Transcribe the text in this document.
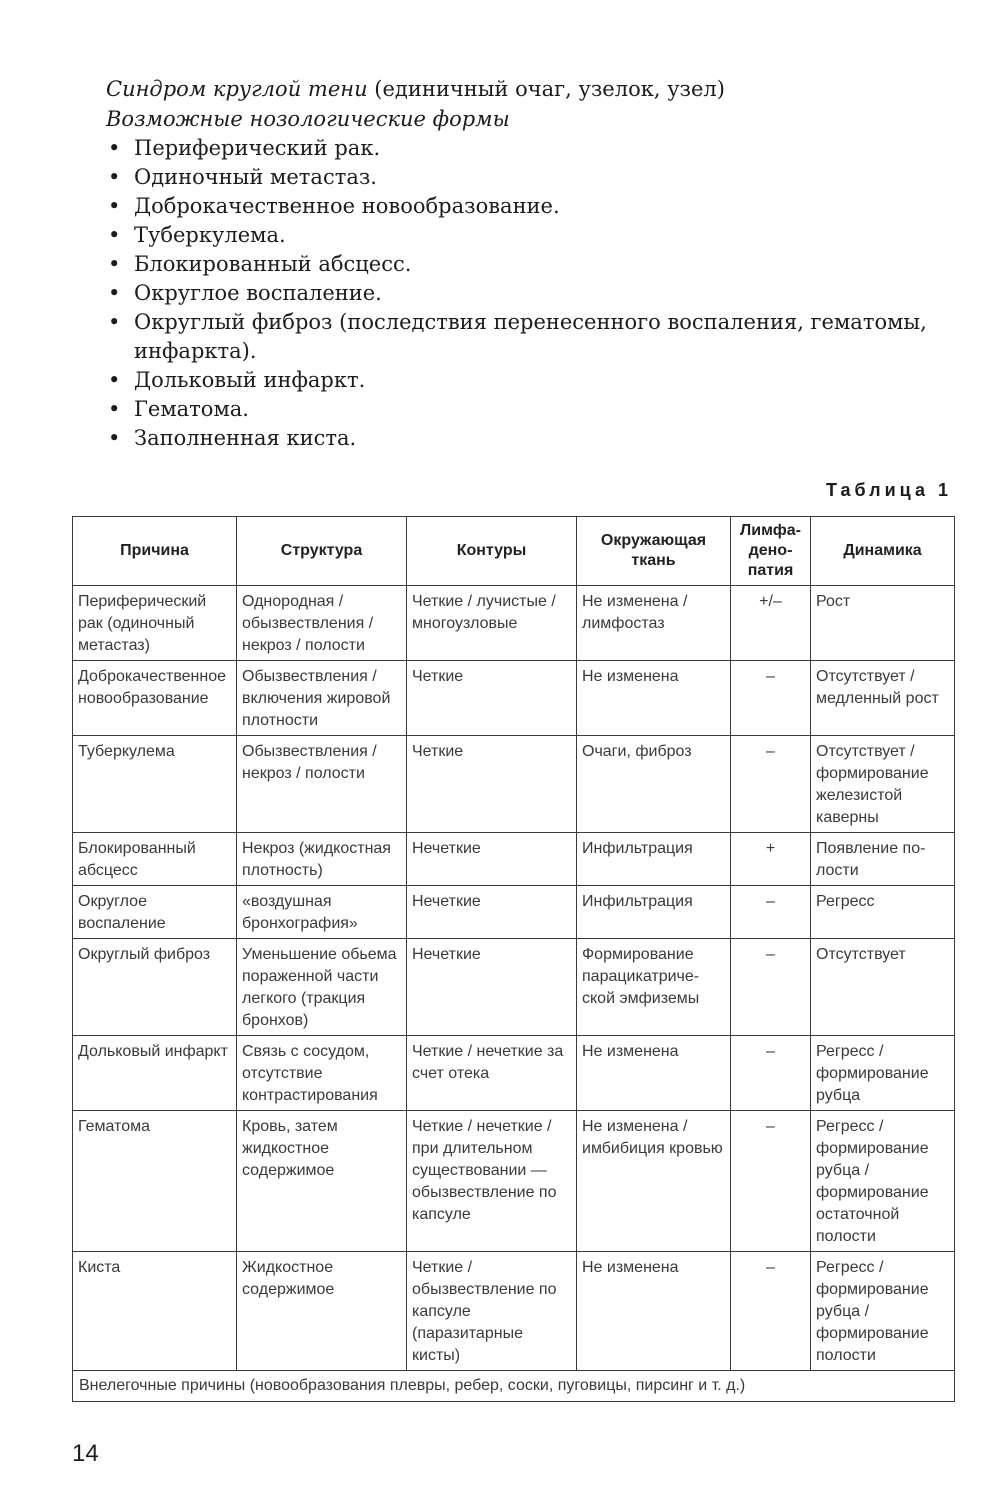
Синдром круглой тени (единичный очаг, узелок, узел)
Возможные нозологические формы
• Периферический рак.
• Одиночный метастаз.
• Доброкачественное новообразование.
• Туберкулема.
• Блокированный абсцесс.
• Округлое воспаление.
• Округлый фиброз (последствия перенесенного воспаления, гематомы, инфаркта).
• Дольковый инфаркт.
• Гематома.
• Заполненная киста.
Таблица 1
Причина	Структура	Контуры	Окружающая ткань	Лимфа-дено-патия	Динамика
Периферический рак (одиночный метастаз)	Однородная / обызвествления / некроз / полости	Четкие / лучистые / многоузловые	Не изменена / лимфостаз	+/–	Рост
Доброкачественное новообразование	Обызвествления / включения жировой плотности	Четкие	Не изменена	–	Отсутствует / медленный рост
Туберкулема	Обызвествления / некроз / полости	Четкие	Очаги, фиброз	–	Отсутствует / формирование железистой каверны
Блокированный абсцесс	Некроз (жидкостная плотность)	Нечеткие	Инфильтрация	+	Появление по-лости
Округлое воспаление	«воздушная бронхография»	Нечеткие	Инфильтрация	–	Регресс
Округлый фиброз	Уменьшение обьема пораженной части легкого (тракция бронхов)	Нечеткие	Формирование парацикатриче-ской эмфиземы	–	Отсутствует
Дольковый инфаркт	Связь с сосудом, отсутствие контрастирования	Четкие / нечеткие за счет отека	Не изменена	–	Регресс / формирование рубца
Гематома	Кровь, затем жидкостное содержимое	Четкие / нечеткие / при длительном существовании — обызвествление по капсуле	Не изменена / имбибиция кровью	–	Регресс / формирование рубца / формирование остаточной полости
Киста	Жидкостное содержимое	Четкие / обызвествление по капсуле (паразитарные кисты)	Не изменена	–	Регресс / формирование рубца / формирование полости
Внелегочные причины (новообразования плевры, ребер, соски, пуговицы, пирсинг и т. д.)					
14
